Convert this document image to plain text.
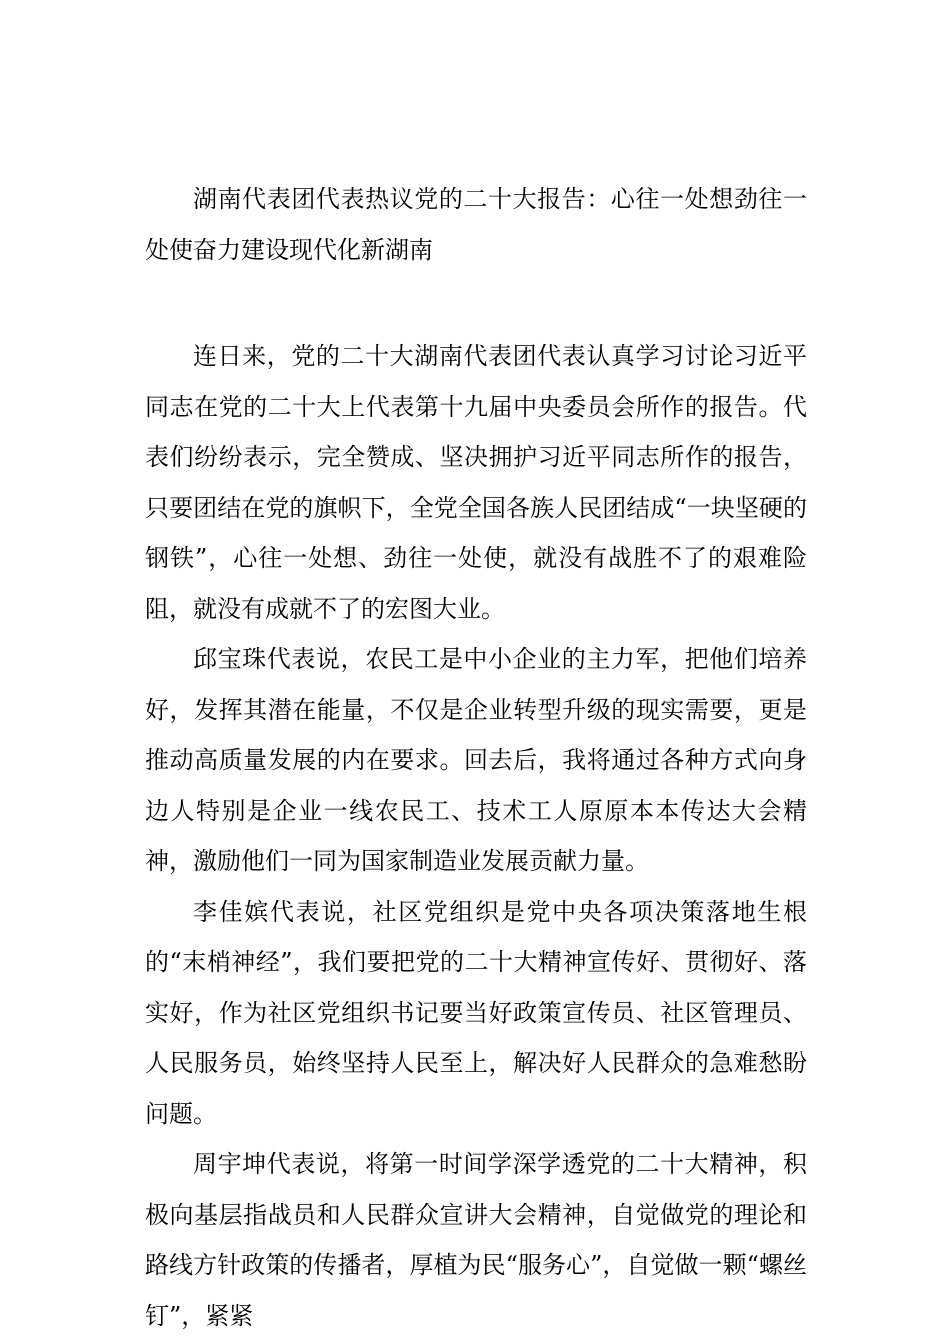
湖南代表团代表热议党的二十大报告：心往一处想劲往一处使奋力建设现代化新湖南

连日来，党的二十大湖南代表团代表认真学习讨论习近平同志在党的二十大上代表第十九届中央委员会所作的报告。代表们纷纷表示，完全赞成、坚决拥护习近平同志所作的报告，只要团结在党的旗帜下，全党全国各族人民团结成“一块坚硬的钢铁”，心往一处想、劲往一处使，就没有战胜不了的艰难险阻，就没有成就不了的宏图大业。

邱宝珠代表说，农民工是中小企业的主力军，把他们培养好，发挥其潜在能量，不仅是企业转型升级的现实需要，更是推动高质量发展的内在要求。回去后，我将通过各种方式向身边人特别是企业一线农民工、技术工人原原本本传达大会精神，激励他们一同为国家制造业发展贡献力量。

李佳嫔代表说，社区党组织是党中央各项决策落地生根的“末梢神经”，我们要把党的二十大精神宣传好、贯彻好、落实好，作为社区党组织书记要当好政策宣传员、社区管理员、人民服务员，始终坚持人民至上，解决好人民群众的急难愁盼问题。

周宇坤代表说，将第一时间学深学透党的二十大精神，积极向基层指战员和人民群众宣讲大会精神，自觉做党的理论和路线方针政策的传播者，厚植为民“服务心”，自觉做一颗“螺丝钉”，紧紧
